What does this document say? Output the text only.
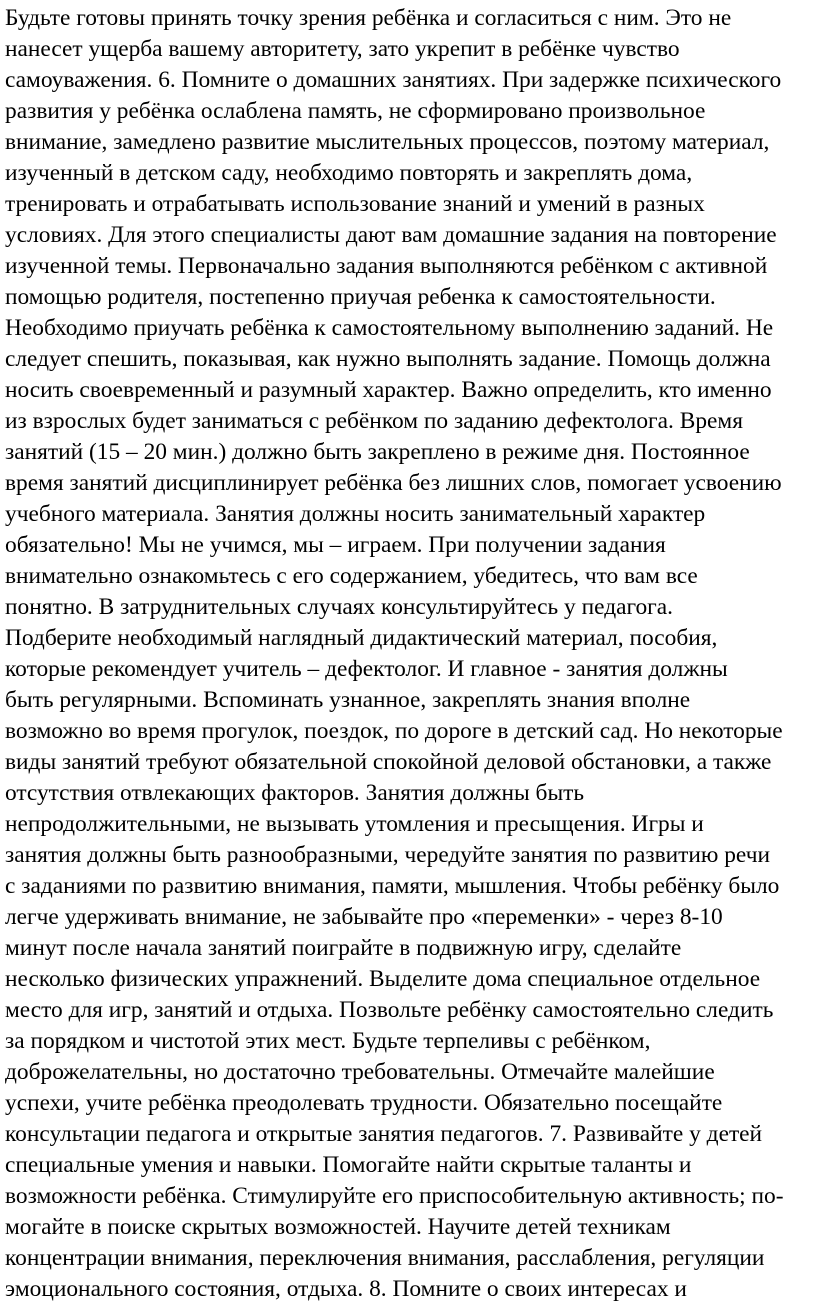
Будьте готовы принять точку зрения ребёнка и согласиться с ним. Это не
нанесет ущерба вашему авторитету, зато укрепит в ребёнке чувство
самоуважения. 6. Помните о домашних занятиях. При задержке психического
развития у ребёнка ослаблена память, не сформировано произвольное
внимание, замедлено развитие мыслительных процессов, поэтому материал,
изученный в детском саду, необходимо повторять и закреплять дома,
тренировать и отрабатывать использование знаний и умений в разных
условиях. Для этого специалисты дают вам домашние задания на повторение
изученной темы. Первоначально задания выполняются ребёнком с активной
помощью родителя, постепенно приучая ребенка к самостоятельности.
Необходимо приучать ребёнка к самостоятельному выполнению заданий. Не
следует спешить, показывая, как нужно выполнять задание. Помощь должна
носить своевременный и разумный характер. Важно определить, кто именно
из взрослых будет заниматься с ребёнком по заданию дефектолога. Время
занятий (15 – 20 мин.) должно быть закреплено в режиме дня. Постоянное
время занятий дисциплинирует ребёнка без лишних слов, помогает усвоению
учебного материала. Занятия должны носить занимательный характер
обязательно! Мы не учимся, мы – играем. При получении задания
внимательно ознакомьтесь с его содержанием, убедитесь, что вам все
понятно. В затруднительных случаях консультируйтесь у педагога.
Подберите необходимый наглядный дидактический материал, пособия,
которые рекомендует учитель – дефектолог. И главное - занятия должны
быть регулярными. Вспоминать узнанное, закреплять знания вполне
возможно во время прогулок, поездок, по дороге в детский сад. Но некоторые
виды занятий требуют обязательной спокойной деловой обстановки, а также
отсутствия отвлекающих факторов. Занятия должны быть
непродолжительными, не вызывать утомления и пресыщения. Игры и
занятия должны быть разнообразными, чередуйте занятия по развитию речи
с заданиями по развитию внимания, памяти, мышления. Чтобы ребёнку было
легче удерживать внимание, не забывайте про «переменки» - через 8-10
минут после начала занятий поиграйте в подвижную игру, сделайте
несколько физических упражнений. Выделите дома специальное отдельное
место для игр, занятий и отдыха. Позвольте ребёнку самостоятельно следить
за порядком и чистотой этих мест. Будьте терпеливы с ребёнком,
доброжелательны, но достаточно требовательны. Отмечайте малейшие
успехи, учите ребёнка преодолевать трудности. Обязательно посещайте
консультации педагога и открытые занятия педагогов. 7. Развивайте у детей
специальные умения и навыки. Помогайте найти скрытые таланты и
возможности ребёнка. Стимулируйте его приспособительную активность; по-
могайте в поиске скрытых возможностей. Научите детей техникам
концентрации внимания, переключения внимания, расслабления, регуляции
эмоционального состояния, отдыха. 8. Помните о своих интересах и
